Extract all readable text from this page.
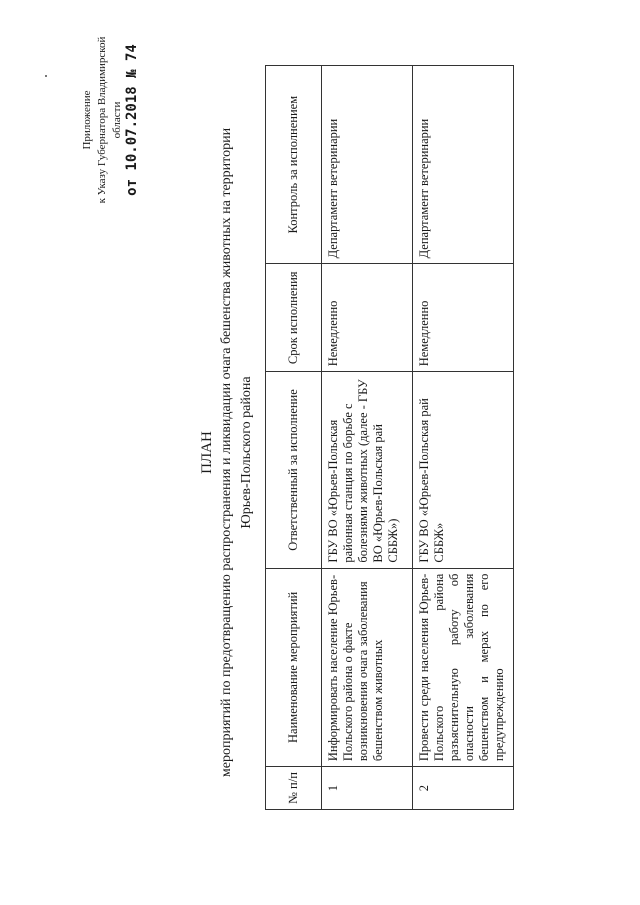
Приложение к Указу Губернатора Владимирской области от 10.07.2018 № 74
ПЛАН мероприятий по предотвращению распространения и ликвидации очага бешенства животных на территории Юрьев-Польского района
№ п/п	Наименование мероприятий	Ответственный за исполнение	Срок исполнения	Контроль за исполнением
1	Информировать население Юрьев-Польского района о факте возникновения очага заболевания бешенством животных	ГБУ ВО «Юрьев-Польская районная станция по борьбе с болезнями животных (далее - ГБУ ВО «Юрьев-Польская рай СББЖ»)	Немедленно	Департамент ветеринарии
2	Провести среди населения Юрьев-Польского района разъяснительную работу об опасности заболевания бешенством и мерах по его предупреждению	ГБУ ВО «Юрьев-Польская рай СББЖ»	Немедленно	Департамент ветеринарии
